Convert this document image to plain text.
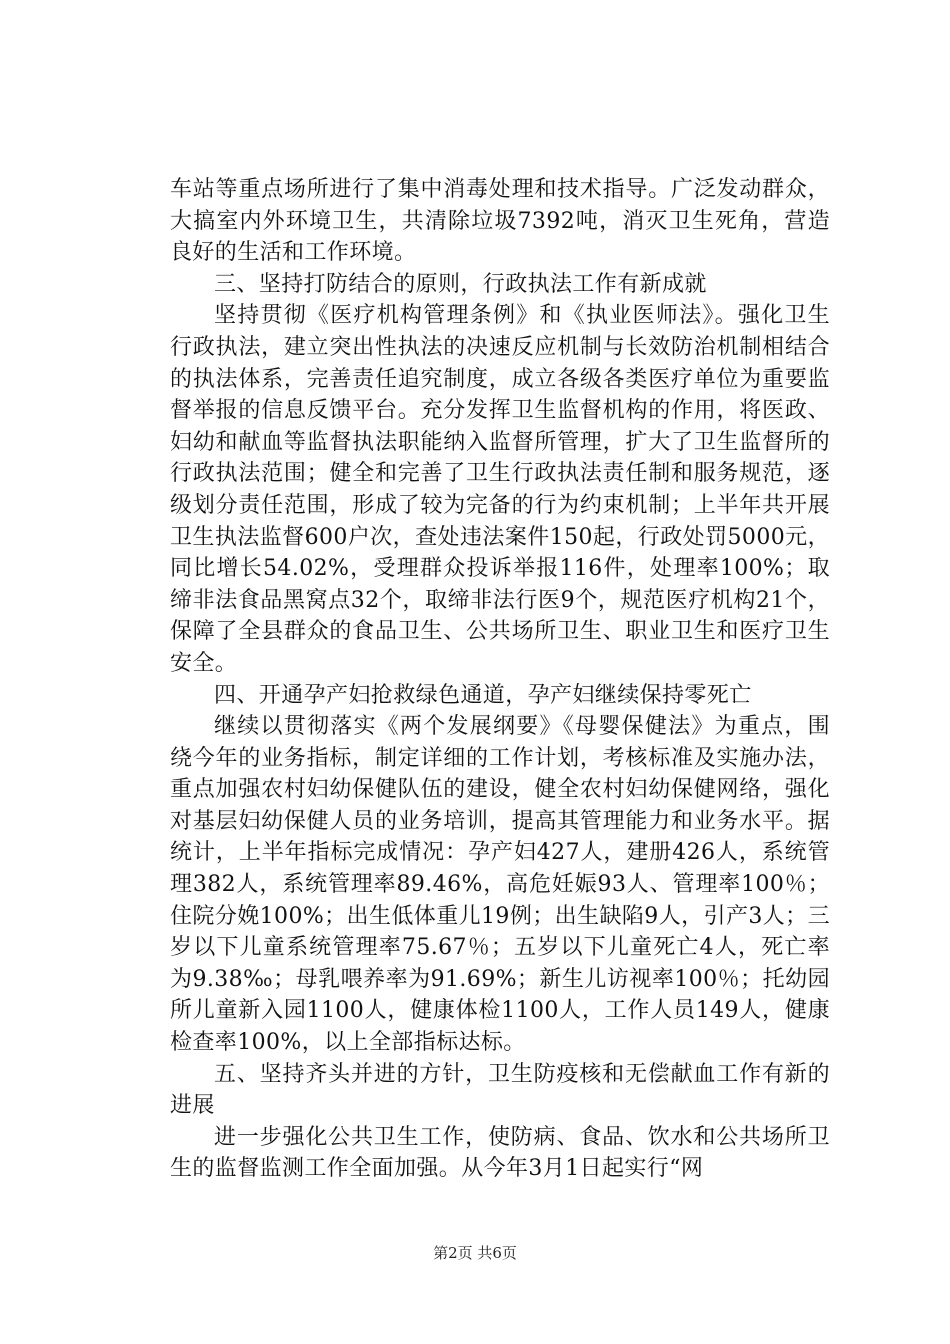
车站等重点场所进行了集中消毒处理和技术指导。广泛发动群众，大搞室内外环境卫生，共清除垃圾7392吨，消灭卫生死角，营造良好的生活和工作环境。

三、坚持打防结合的原则，行政执法工作有新成就

坚持贯彻《医疗机构管理条例》和《执业医师法》。强化卫生行政执法，建立突出性执法的决速反应机制与长效防治机制相结合的执法体系，完善责任追究制度，成立各级各类医疗单位为重要监督举报的信息反馈平台。充分发挥卫生监督机构的作用，将医政、妇幼和献血等监督执法职能纳入监督所管理，扩大了卫生监督所的行政执法范围；健全和完善了卫生行政执法责任制和服务规范，逐级划分责任范围，形成了较为完备的行为约束机制；上半年共开展卫生执法监督600户次，查处违法案件150起，行政处罚5000元，同比增长54.02%，受理群众投诉举报116件，处理率100%；取缔非法食品黑窝点32个，取缔非法行医9个，规范医疗机构21个，保障了全县群众的食品卫生、公共场所卫生、职业卫生和医疗卫生安全。

四、开通孕产妇抢救绿色通道，孕产妇继续保持零死亡

继续以贯彻落实《两个发展纲要》《母婴保健法》为重点，围绕今年的业务指标，制定详细的工作计划，考核标准及实施办法，重点加强农村妇幼保健队伍的建设，健全农村妇幼保健网络，强化对基层妇幼保健人员的业务培训，提高其管理能力和业务水平。据统计，上半年指标完成情况：孕产妇427人，建册426人，系统管理382人，系统管理率89.46%，高危妊娠93人、管理率100％；住院分娩100%；出生低体重儿19例；出生缺陷9人，引产3人；三岁以下儿童系统管理率75.67％；五岁以下儿童死亡4人，死亡率为9.38‰；母乳喂养率为91.69%；新生儿访视率100％；托幼园所儿童新入园1100人，健康体检1100人，工作人员149人，健康检查率100%，以上全部指标达标。

五、坚持齐头并进的方针，卫生防疫核和无偿献血工作有新的进展

进一步强化公共卫生工作，使防病、食品、饮水和公共场所卫生的监督监测工作全面加强。从今年3月1日起实行“网

第2页 共6页
